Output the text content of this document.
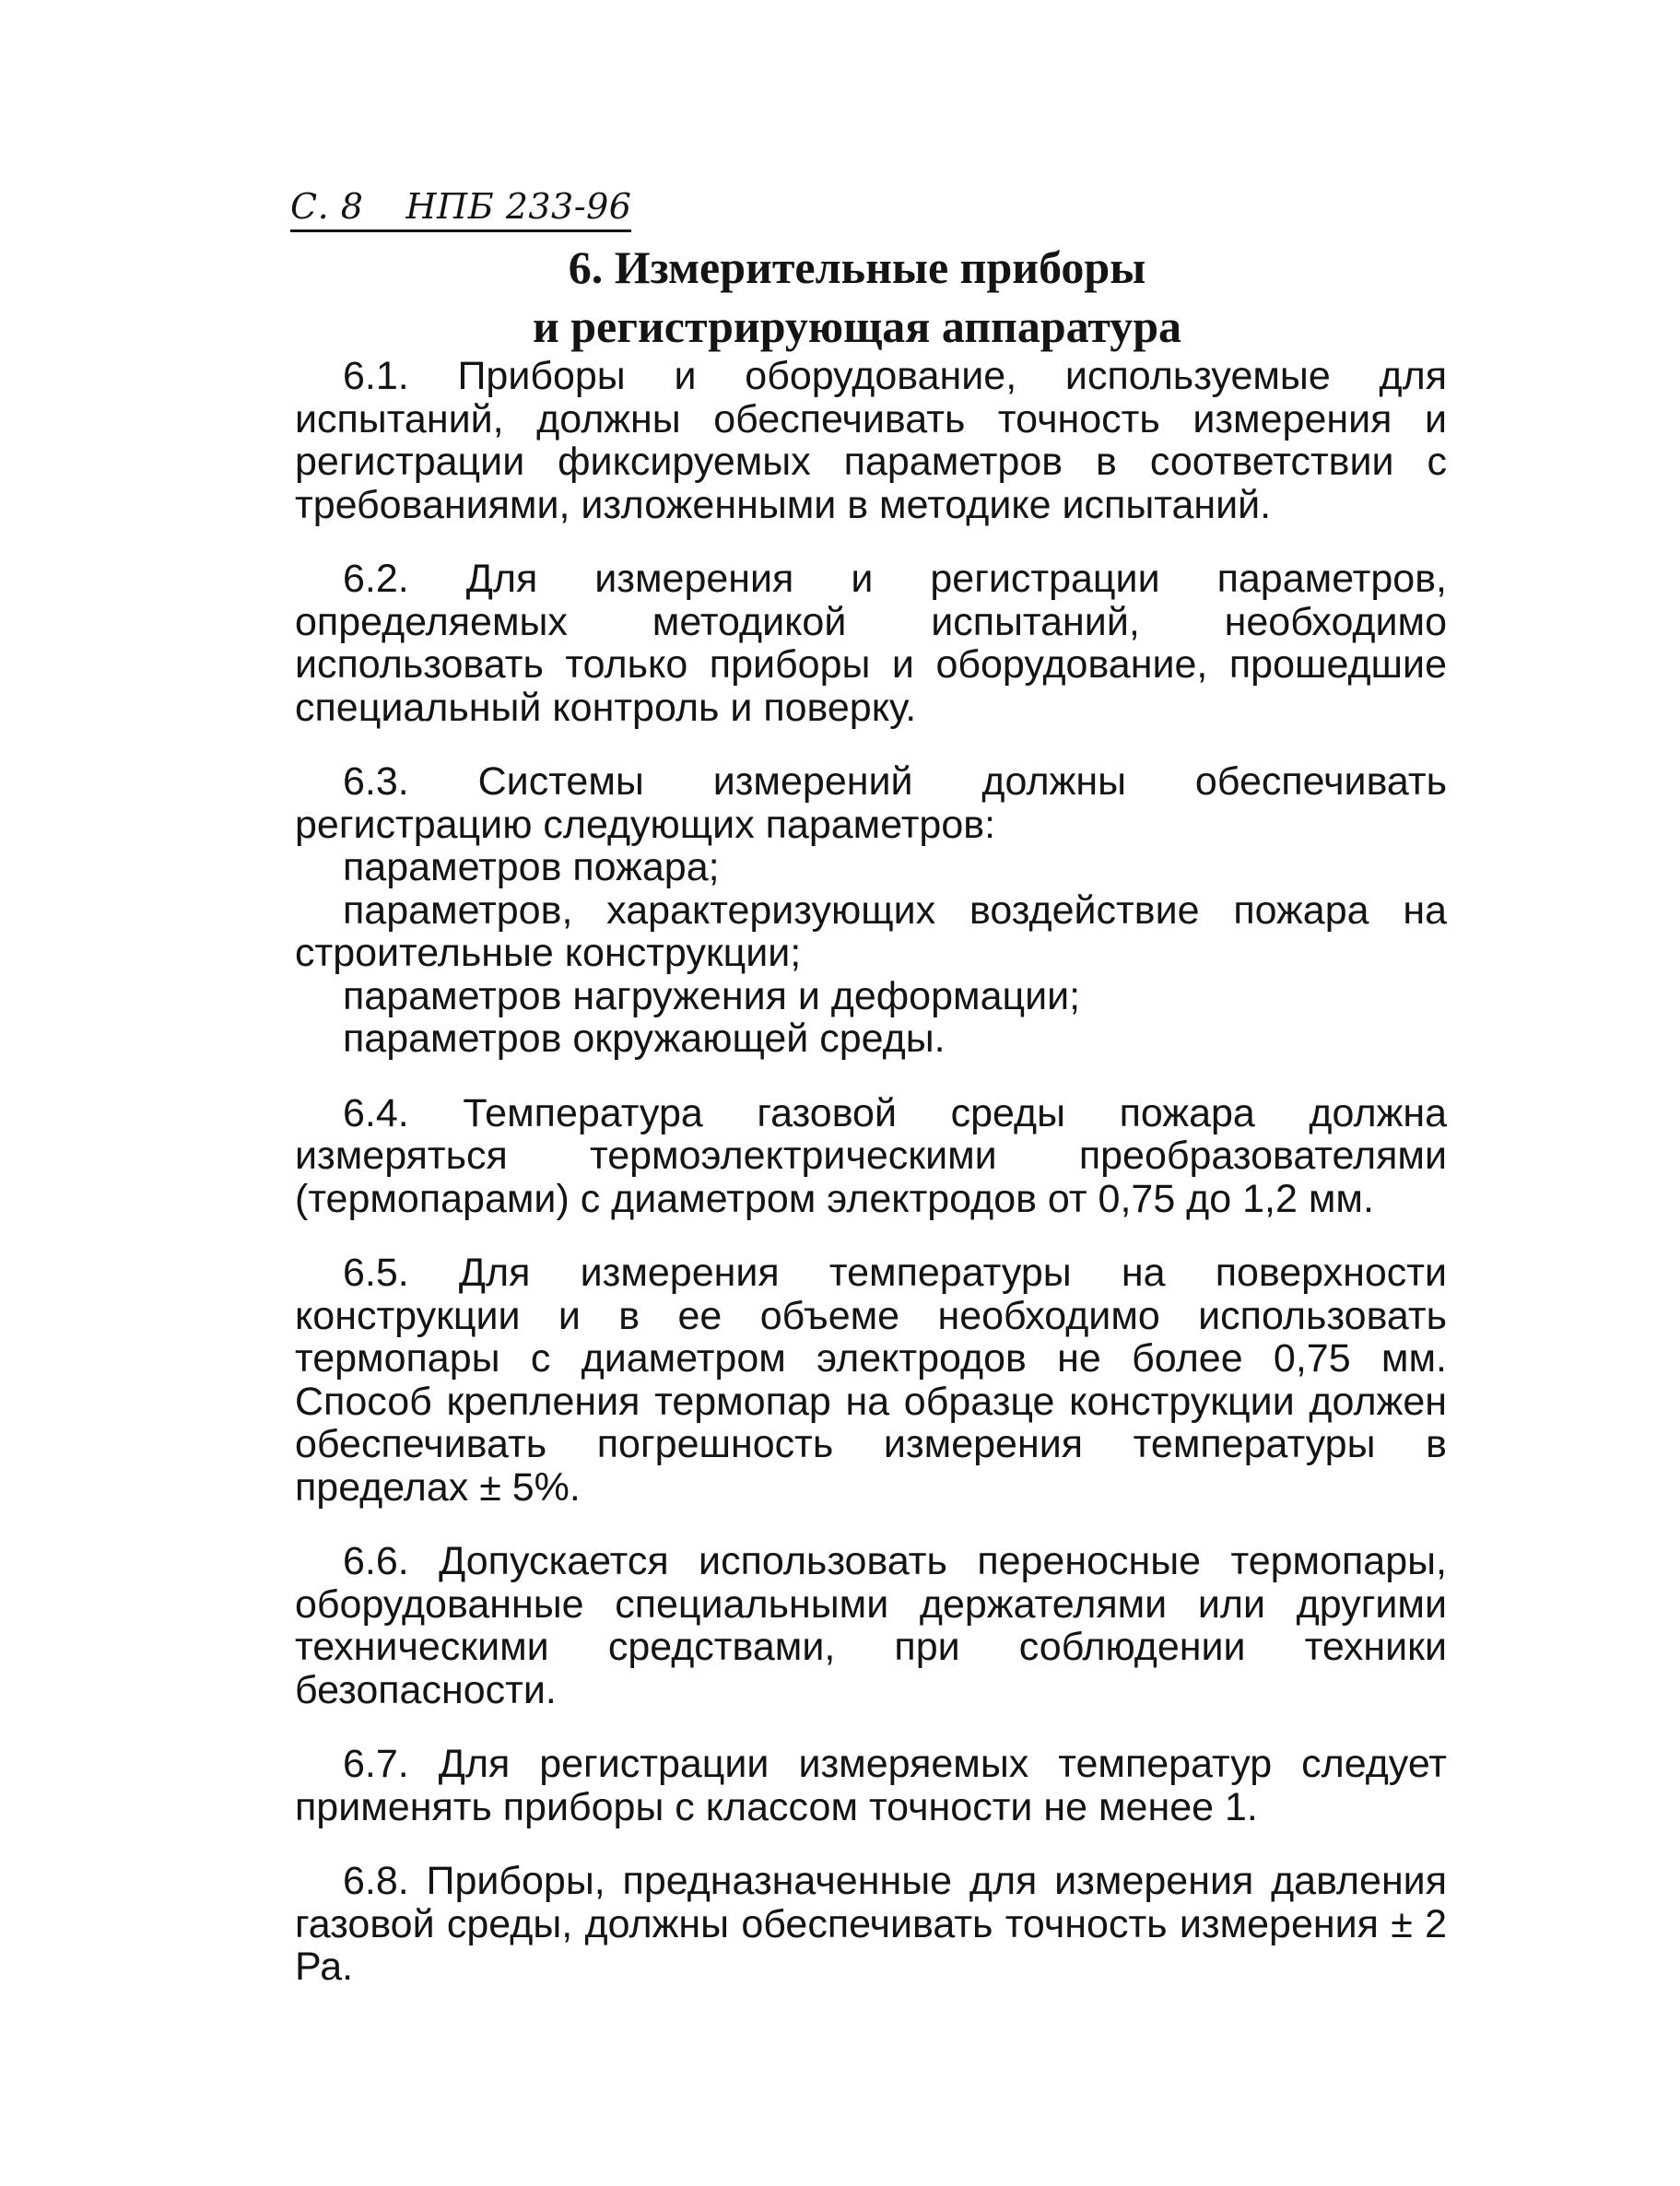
С. 8 НПБ 233-96
6. Измерительные приборы
и регистрирующая аппаратура

6.1. Приборы и оборудование, используемые для испытаний, должны обеспечивать точность измерения и регистрации фиксируемых параметров в соответствии с требованиями, изложенными в методике испытаний.

6.2. Для измерения и регистрации параметров, определяемых методикой испытаний, необходимо использовать только приборы и оборудование, прошедшие специальный контроль и поверку.

6.3. Системы измерений должны обеспечивать регистрацию следующих параметров:
параметров пожара;
параметров, характеризующих воздействие пожара на строительные конструкции;
параметров нагружения и деформации;
параметров окружающей среды.

6.4. Температура газовой среды пожара должна измеряться термоэлектрическими преобразователями (термопарами) с диаметром электродов от 0,75 до 1,2 мм.

6.5. Для измерения температуры на поверхности конструкции и в ее объеме необходимо использовать термопары с диаметром электродов не более 0,75 мм. Способ крепления термопар на образце конструкции должен обеспечивать погрешность измерения температуры в пределах ± 5%.

6.6. Допускается использовать переносные термопары, оборудованные специальными держателями или другими техническими средствами, при соблюдении техники безопасности.

6.7. Для регистрации измеряемых температур следует применять приборы с классом точности не менее 1.

6.8. Приборы, предназначенные для измерения давления газовой среды, должны обеспечивать точность измерения ± 2 Ра.
